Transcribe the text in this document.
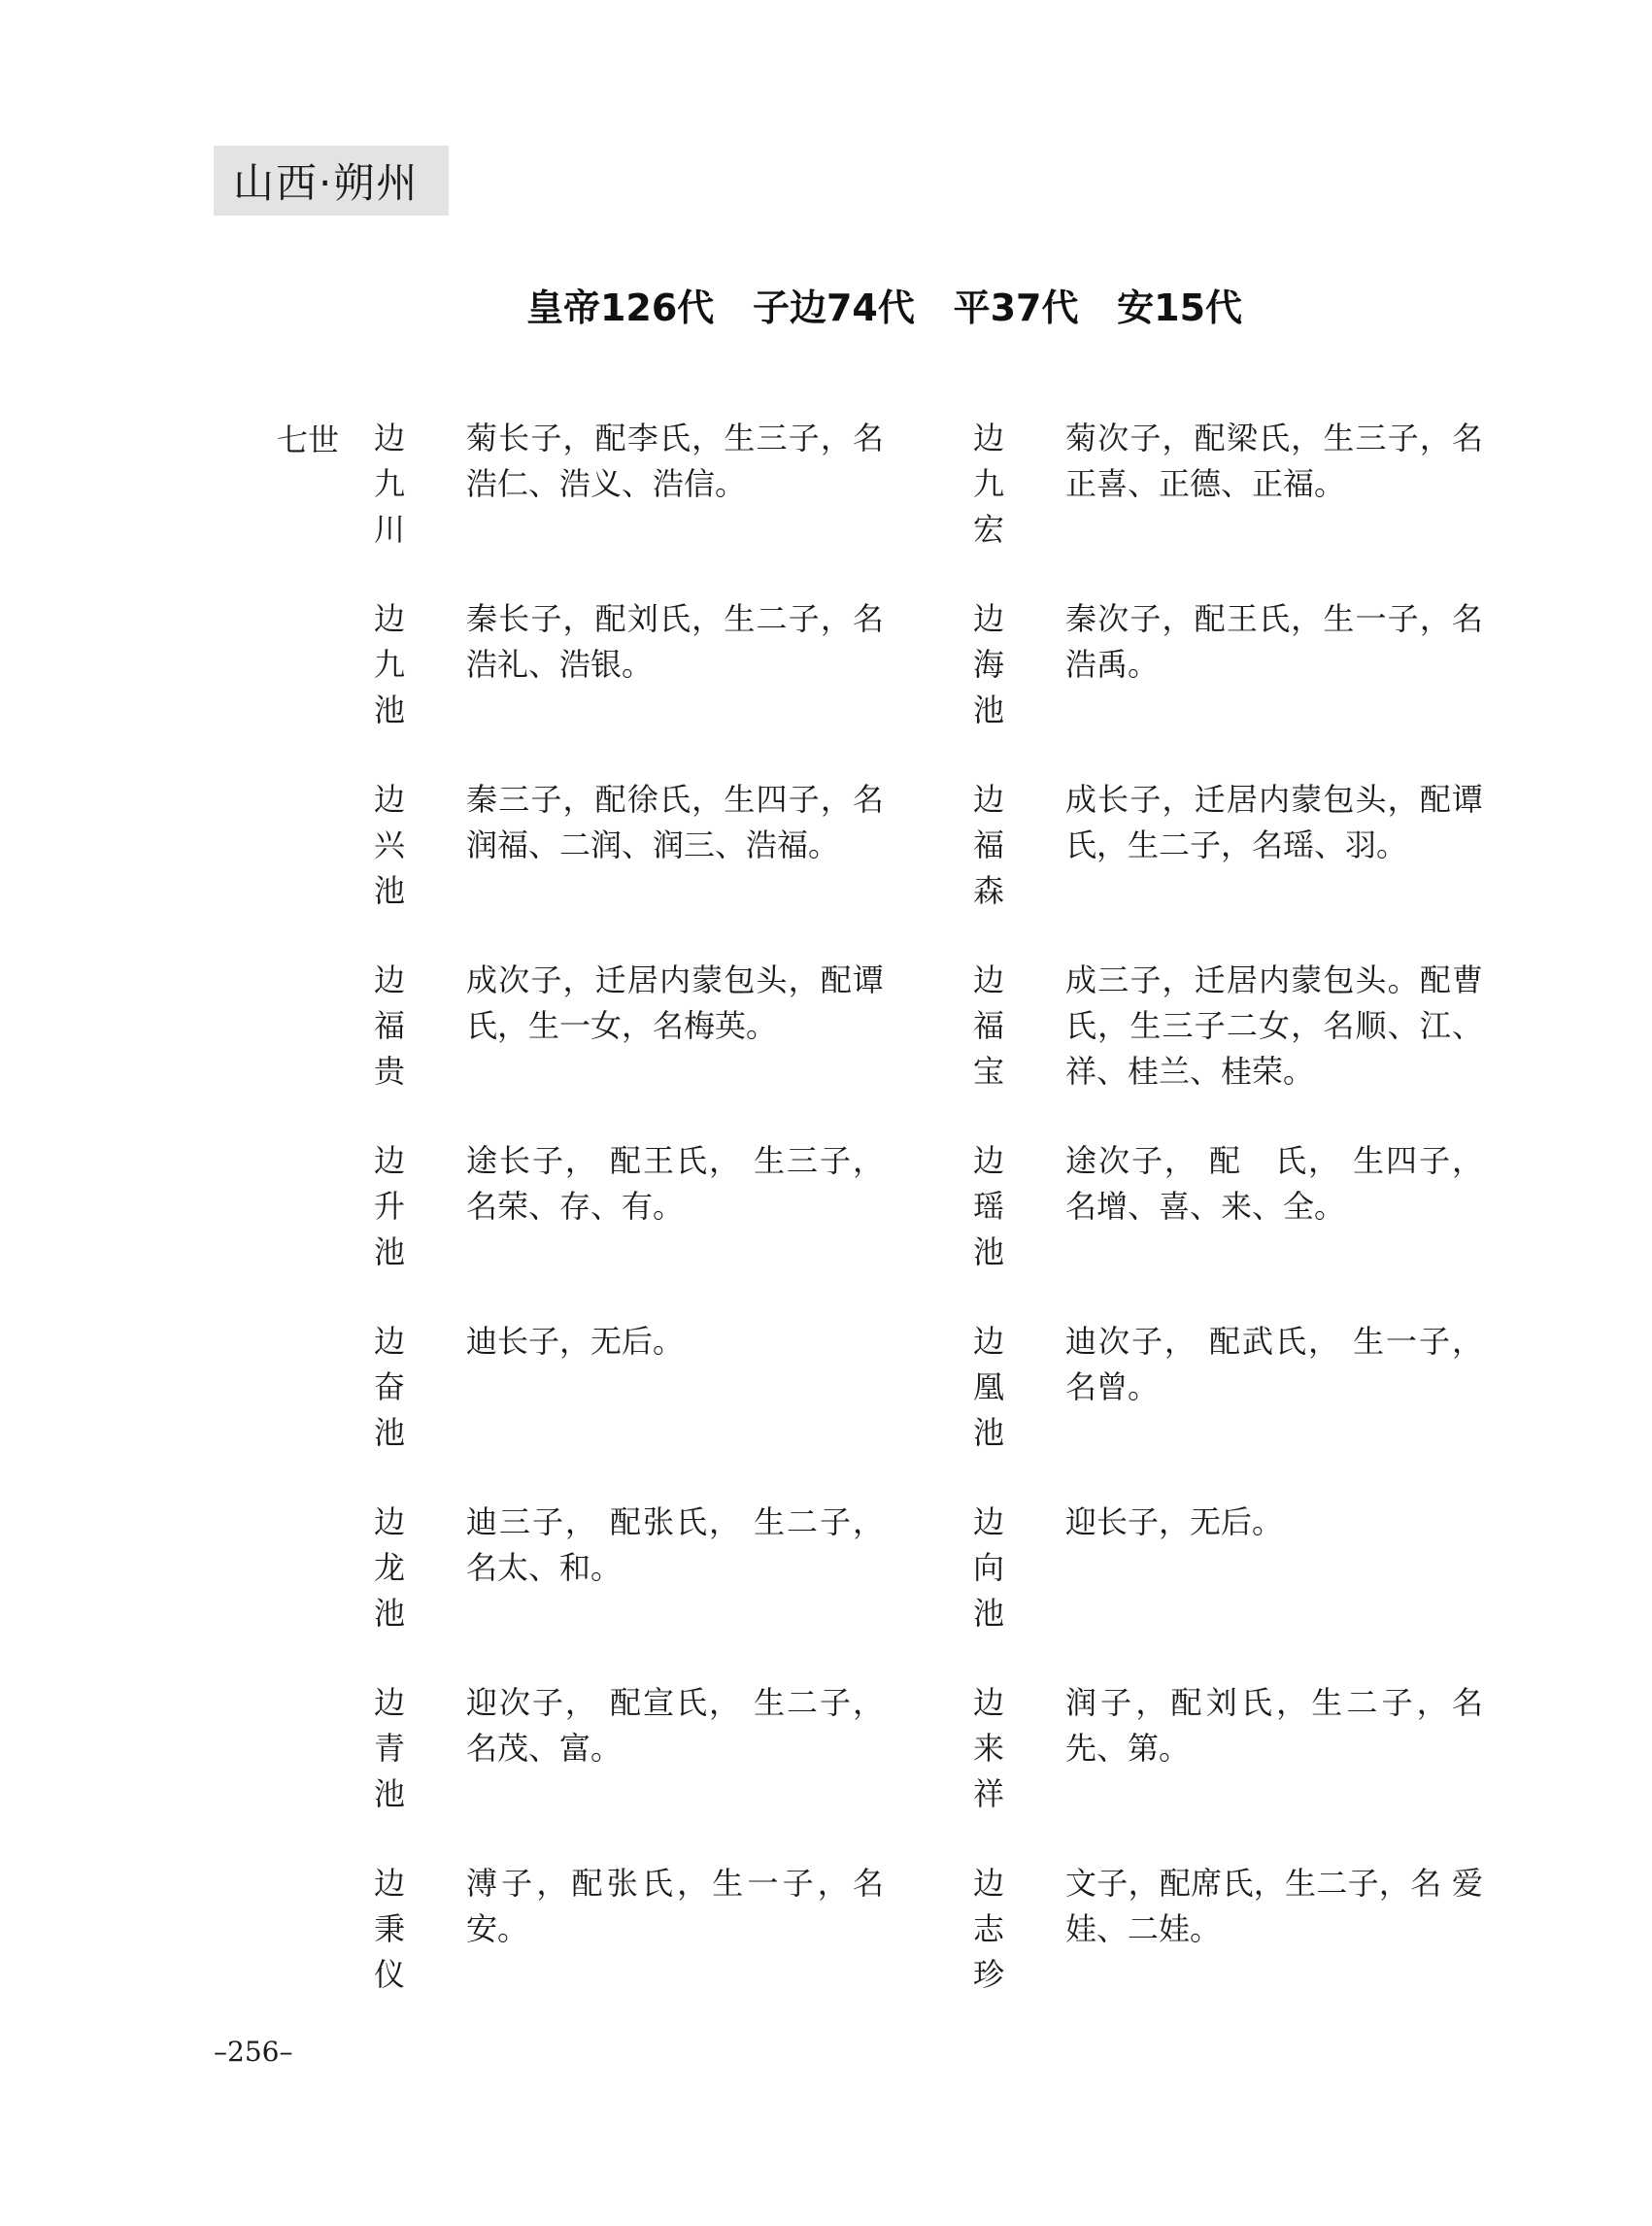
山西·朔州
皇帝126代   子边74代   平37代   安15代
七世 边
九
川
菊长子，配李氏，生三子，名浩仁、浩义、浩信。
边
九
宏
菊次子，配梁氏，生三子，名正喜、正德、正福。
边
九
池
秦长子，配刘氏，生二子，名浩礼、浩银。
边
海
池
秦次子，配王氏，生一子，名浩禹。
边
兴
池
秦三子，配徐氏，生四子，名润福、二润、润三、浩福。
边
福
森
成长子，迁居内蒙包头，配谭氏，生二子，名瑶、羽。
边
福
贵
成次子，迁居内蒙包头，配谭氏，生一女，名梅英。
边
福
宝
成三子，迁居内蒙包头。配曹氏，生三子二女，名顺、江、祥、桂兰、桂荣。
边
升
池
途长子， 配王氏， 生三子，名荣、存、有。
边
瑶
池
途次子， 配　氏， 生四子，名增、喜、来、全。
边
奋
池
迪长子，无后。	边
凰
池
迪次子， 配武氏， 生一子，名曾。
边
龙
池
迪三子， 配张氏， 生二子，名太、和。
边
向
池
迎长子，无后。
边
青
池
迎次子， 配宣氏， 生二子，名茂、富。
边
来
祥
润子，配刘氏，生二子，名先、第。
边
秉
仪
溥子，配张氏，生一子，名安。
边
志
珍
文子，配席氏，生二子，名 爱娃、二娃。
–256–
